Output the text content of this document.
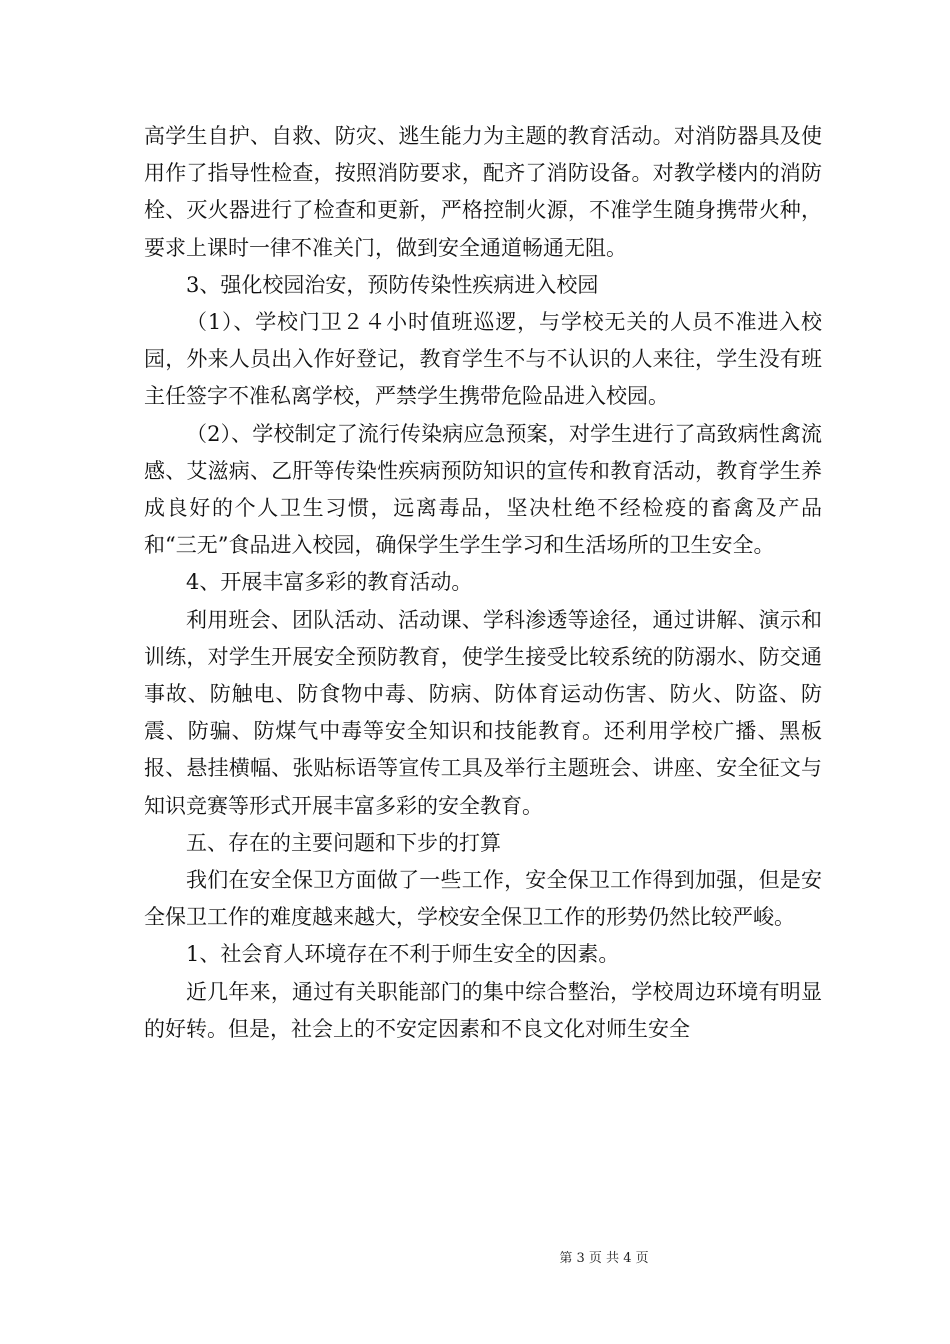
高学生自护、自救、防灾、逃生能力为主题的教育活动。对消防器具及使用作了指导性检查，按照消防要求，配齐了消防设备。对教学楼内的消防栓、灭火器进行了检查和更新，严格控制火源，不准学生随身携带火种，要求上课时一律不准关门，做到安全通道畅通无阻。

3、强化校园治安，预防传染性疾病进入校园

（1）、学校门卫２４小时值班巡逻，与学校无关的人员不准进入校园，外来人员出入作好登记，教育学生不与不认识的人来往，学生没有班主任签字不准私离学校，严禁学生携带危险品进入校园。

（2）、学校制定了流行传染病应急预案，对学生进行了高致病性禽流感、艾滋病、乙肝等传染性疾病预防知识的宣传和教育活动，教育学生养成良好的个人卫生习惯，远离毒品，坚决杜绝不经检疫的畜禽及产品和“三无”食品进入校园，确保学生学生学习和生活场所的卫生安全。

4、开展丰富多彩的教育活动。

利用班会、团队活动、活动课、学科渗透等途径，通过讲解、演示和训练，对学生开展安全预防教育，使学生接受比较系统的防溺水、防交通事故、防触电、防食物中毒、防病、防体育运动伤害、防火、防盗、防震、防骗、防煤气中毒等安全知识和技能教育。还利用学校广播、黑板报、悬挂横幅、张贴标语等宣传工具及举行主题班会、讲座、安全征文与知识竞赛等形式开展丰富多彩的安全教育。

五、存在的主要问题和下步的打算

我们在安全保卫方面做了一些工作，安全保卫工作得到加强，但是安全保卫工作的难度越来越大，学校安全保卫工作的形势仍然比较严峻。

1、社会育人环境存在不利于师生安全的因素。

近几年来，通过有关职能部门的集中综合整治，学校周边环境有明显的好转。但是，社会上的不安定因素和不良文化对师生安全

第 3 页 共 4 页
